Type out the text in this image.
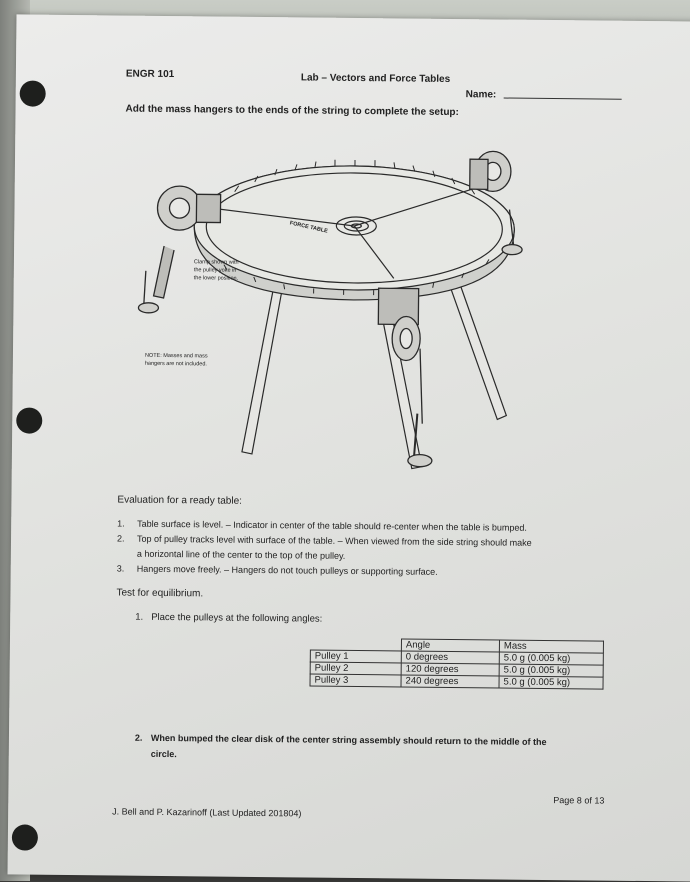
ENGR 101	Lab – Vectors and Force Tables
Name:
Add the mass hangers to the ends of the string to complete the setup:
Clamp shown with
the pulley yoke in
the lower position.
NOTE: Masses and mass
hangers are not included.
FORCE TABLE
Evaluation for a ready table:
1. Table surface is level. – Indicator in center of the table should re-center when the table is bumped.
2. Top of pulley tracks level with surface of the table. – When viewed from the side string should make
a horizontal line of the center to the top of the pulley.
3. Hangers move freely. – Hangers do not touch pulleys or supporting surface.
Test for equilibrium.
1. Place the pulleys at the following angles:
	Angle	Mass
Pulley 1	0 degrees	5.0 g (0.005 kg)
Pulley 2	120 degrees	5.0 g (0.005 kg)
Pulley 3	240 degrees	5.0 g (0.005 kg)
2. When bumped the clear disk of the center string assembly should return to the middle of the
circle.
Page 8 of 13
J. Bell and P. Kazarinoff (Last Updated 201804)
